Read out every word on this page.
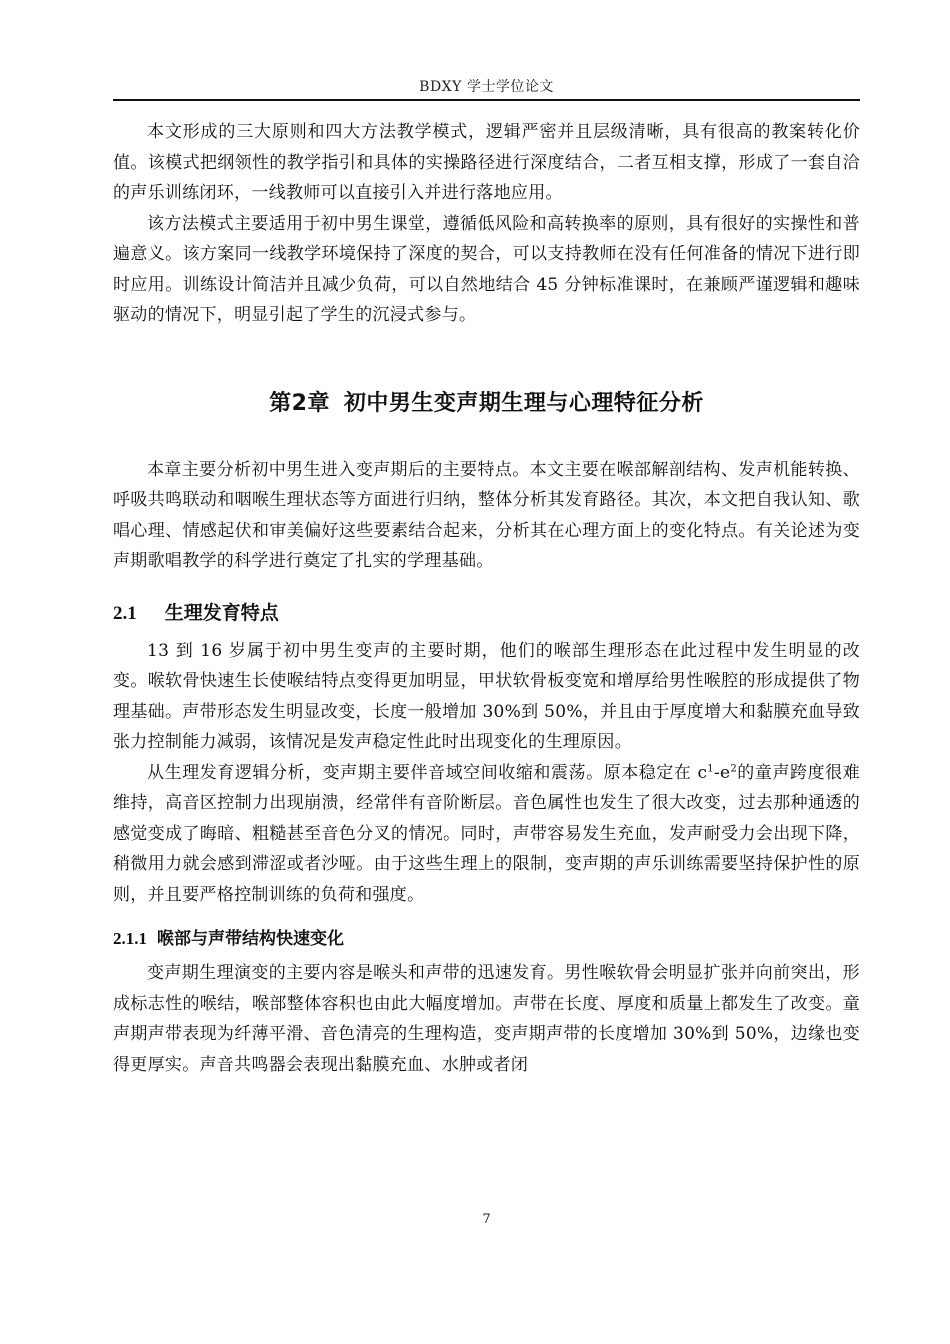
BDXY 学士学位论文

本文形成的三大原则和四大方法教学模式，逻辑严密并且层级清晰，具有很高的教案转化价值。该模式把纲领性的教学指引和具体的实操路径进行深度结合，二者互相支撑，形成了一套自洽的声乐训练闭环，一线教师可以直接引入并进行落地应用。

该方法模式主要适用于初中男生课堂，遵循低风险和高转换率的原则，具有很好的实操性和普遍意义。该方案同一线教学环境保持了深度的契合，可以支持教师在没有任何准备的情况下进行即时应用。训练设计简洁并且减少负荷，可以自然地结合 45 分钟标准课时，在兼顾严谨逻辑和趣味驱动的情况下，明显引起了学生的沉浸式参与。

第2章 初中男生变声期生理与心理特征分析

本章主要分析初中男生进入变声期后的主要特点。本文主要在喉部解剖结构、发声机能转换、呼吸共鸣联动和咽喉生理状态等方面进行归纳，整体分析其发育路径。其次，本文把自我认知、歌唱心理、情感起伏和审美偏好这些要素结合起来，分析其在心理方面上的变化特点。有关论述为变声期歌唱教学的科学进行奠定了扎实的学理基础。

2.1 生理发育特点

13 到 16 岁属于初中男生变声的主要时期，他们的喉部生理形态在此过程中发生明显的改变。喉软骨快速生长使喉结特点变得更加明显，甲状软骨板变宽和增厚给男性喉腔的形成提供了物理基础。声带形态发生明显改变，长度一般增加 30%到 50%，并且由于厚度增大和黏膜充血导致张力控制能力减弱，该情况是发声稳定性此时出现变化的生理原因。

从生理发育逻辑分析，变声期主要伴音域空间收缩和震荡。原本稳定在 $c^1-e^2$的童声跨度很难维持，高音区控制力出现崩溃，经常伴有音阶断层。音色属性也发生了很大改变，过去那种通透的感觉变成了晦暗、粗糙甚至音色分叉的情况。同时，声带容易发生充血，发声耐受力会出现下降，稍微用力就会感到滞涩或者沙哑。由于这些生理上的限制，变声期的声乐训练需要坚持保护性的原则，并且要严格控制训练的负荷和强度。

2.1.1 喉部与声带结构快速变化

变声期生理演变的主要内容是喉头和声带的迅速发育。男性喉软骨会明显扩张并向前突出，形成标志性的喉结，喉部整体容积也由此大幅度增加。声带在长度、厚度和质量上都发生了改变。童声期声带表现为纤薄平滑、音色清亮的生理构造，变声期声带的长度增加 30%到 50%，边缘也变得更厚实。声音共鸣器会表现出黏膜充血、水肿或者闭

7
